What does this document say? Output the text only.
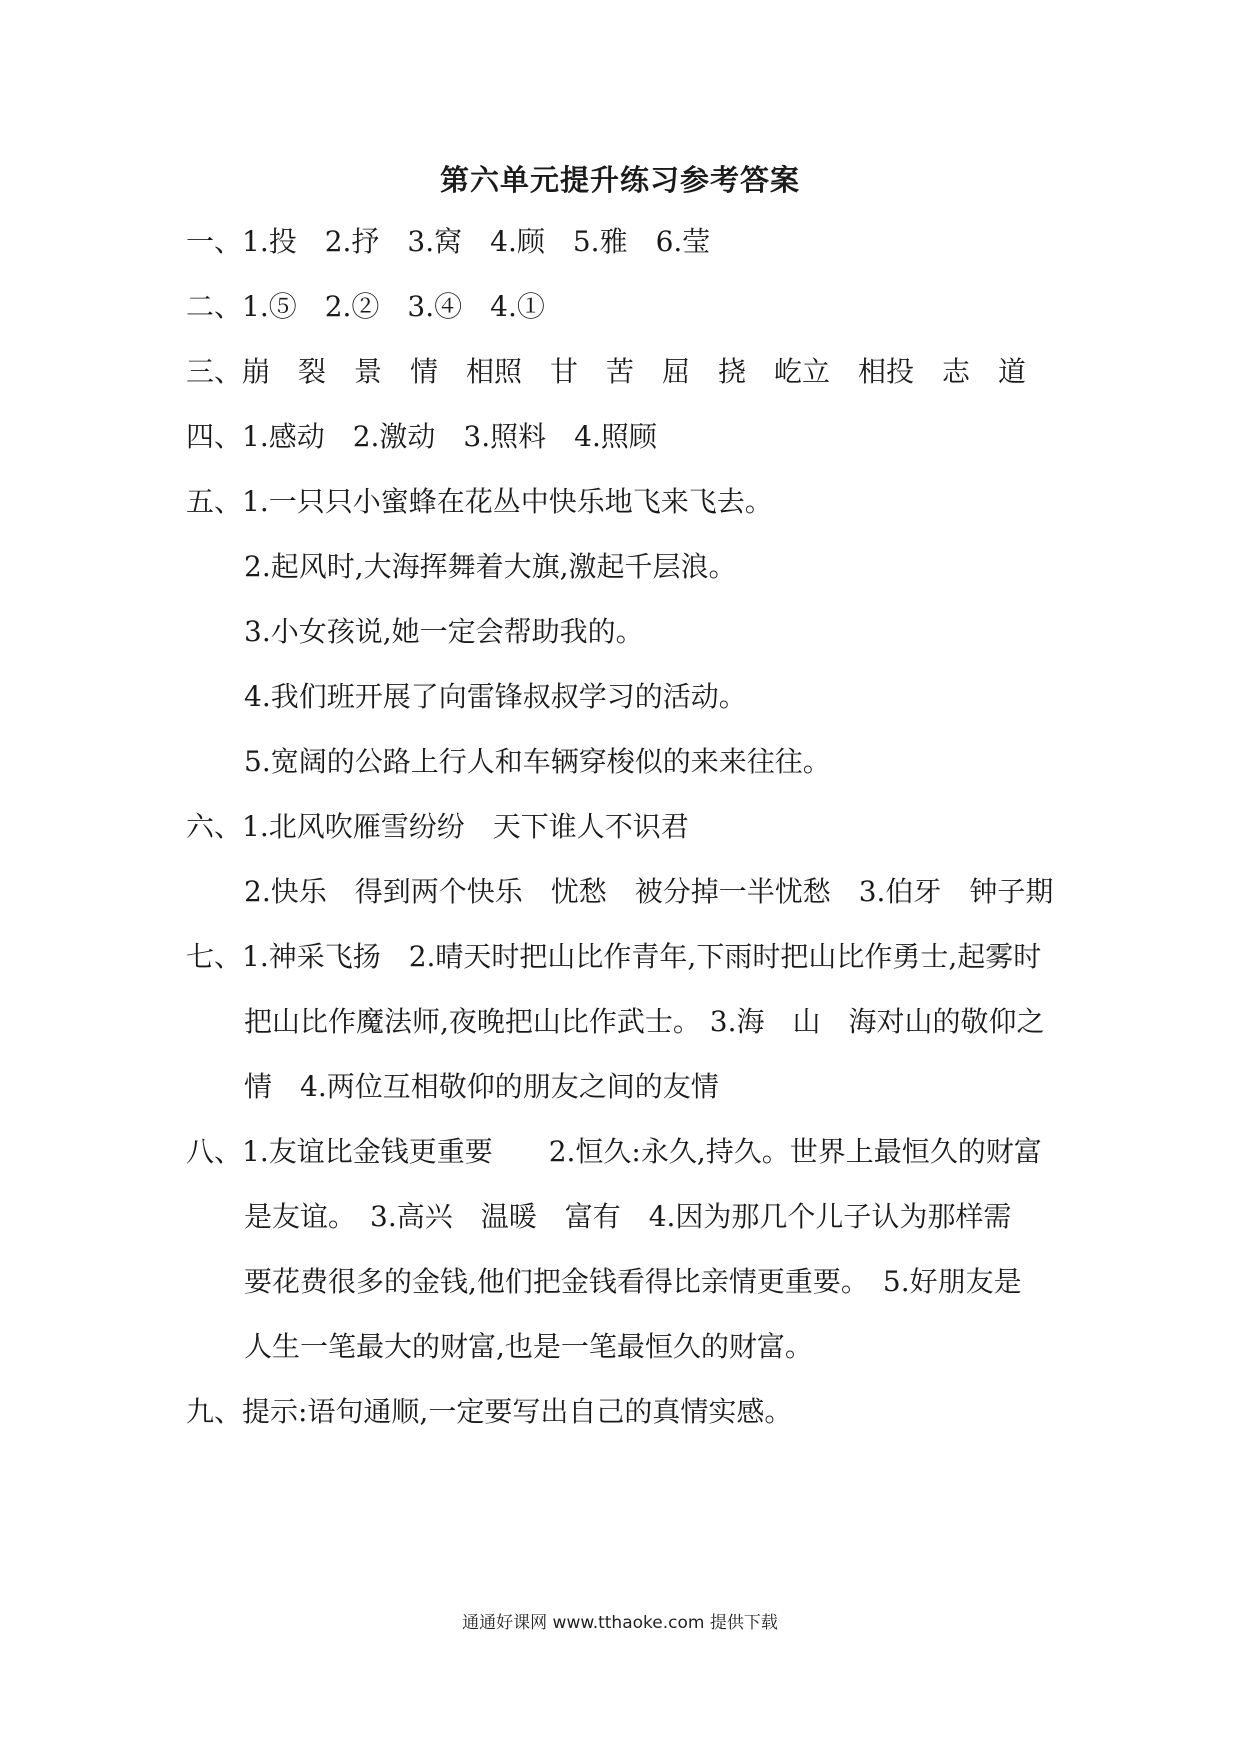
第六单元提升练习参考答案
一、1.投　2.抒　3.窝　4.顾　5.雅　6.莹
二、1.⑤　2.②　3.④　4.①
三、崩　裂　景　情　相照　甘　苦　屈　挠　屹立　相投　志　道
四、1.感动　2.激动　3.照料　4.照顾
五、1.一只只小蜜蜂在花丛中快乐地飞来飞去。
2.起风时,大海挥舞着大旗,激起千层浪。
3.小女孩说,她一定会帮助我的。
4.我们班开展了向雷锋叔叔学习的活动。
5.宽阔的公路上行人和车辆穿梭似的来来往往。
六、1.北风吹雁雪纷纷　天下谁人不识君
2.快乐　得到两个快乐　忧愁　被分掉一半忧愁　3.伯牙　钟子期
七、1.神采飞扬　2.晴天时把山比作青年,下雨时把山比作勇士,起雾时
把山比作魔法师,夜晚把山比作武士。 3.海　山　海对山的敬仰之
情　4.两位互相敬仰的朋友之间的友情
八、1.友谊比金钱更重要　　2.恒久:永久,持久。世界上最恒久的财富
是友谊。　3.高兴　温暖　富有　4.因为那几个儿子认为那样需
要花费很多的金钱,他们把金钱看得比亲情更重要。　5.好朋友是
人生一笔最大的财富,也是一笔最恒久的财富。
九、提示:语句通顺,一定要写出自己的真情实感。
通通好课网 www.tthaoke.com 提供下载
